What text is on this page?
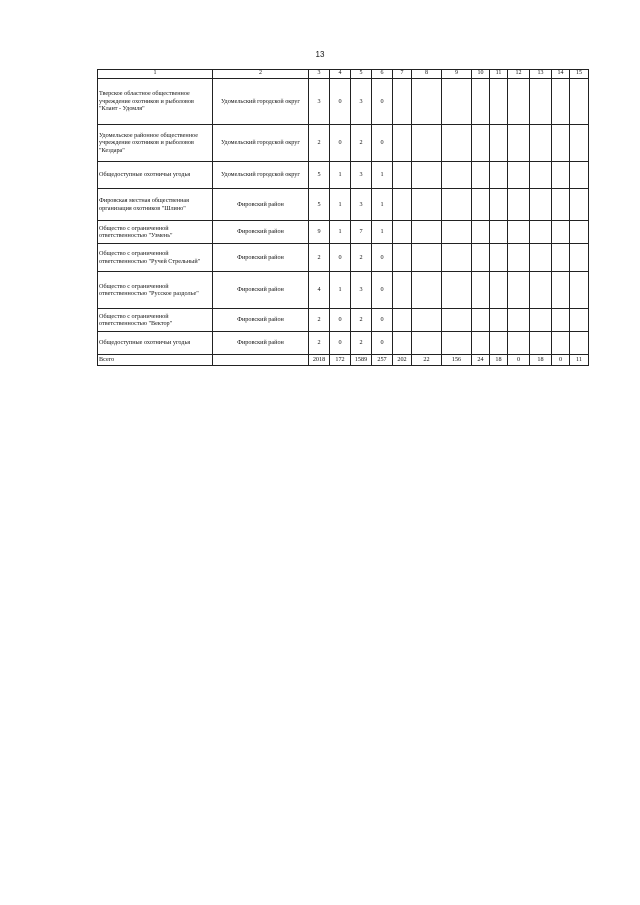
13
1	2	3	4	5	6	7	8	9	10	11	12	13	14	15
Тверское областное общественное учреждение охотников и рыболовов "Клант - Удомля"	Удомельский городской округ	3	0	3	0									
Удомельское районное общественное учреждение охотников и рыболовов "Кездара"	Удомельский городской округ	2	0	2	0									
Общедоступные охотничьи угодья	Удомельский городской округ	5	1	3	1									
Фировская местная общественная организация охотников "Шлино"	Фировский район	5	1	3	1									
Общество с ограниченной ответственностью "Узмень"	Фировский район	9	1	7	1									
Общество с ограниченной ответственностью "Ручей Стрельный"	Фировский район	2	0	2	0									
Общество с ограниченной ответственностью "Русское раздолье"	Фировский район	4	1	3	0									
Общество с ограниченной ответственностью "Вектор"	Фировский район	2	0	2	0									
Общедоступные охотничьи угодья	Фировский район	2	0	2	0									
Всего		2018	172	1589	257	202	22	156	24	18	0	18	0	11
